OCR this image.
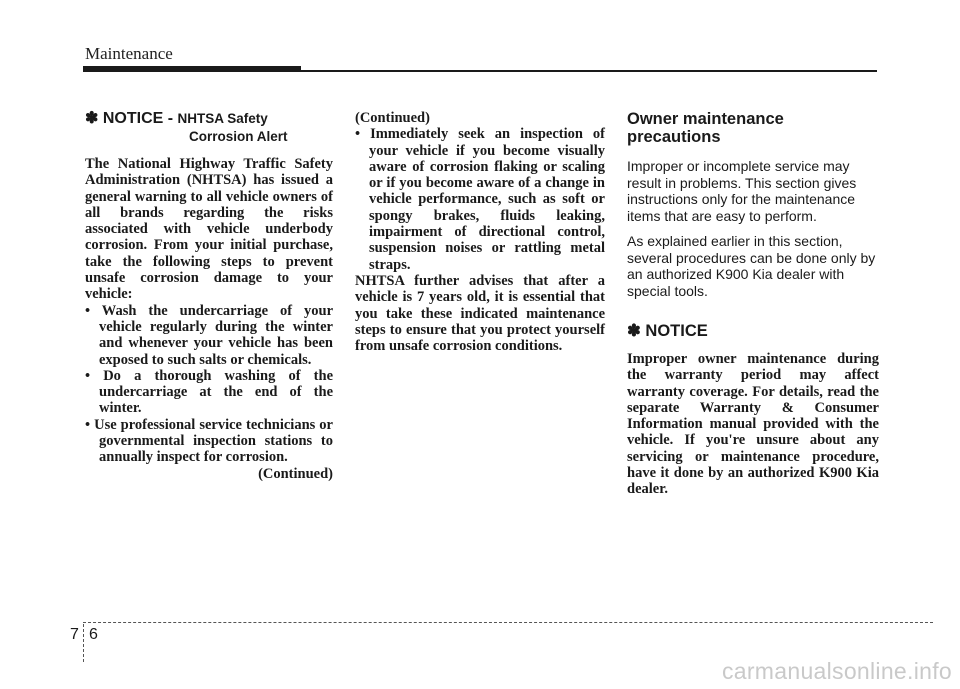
Maintenance
✽ NOTICE - NHTSA Safety
Corrosion Alert

The National Highway Traffic Safety Administration (NHTSA) has issued a general warning to all vehicle owners of all brands regarding the risks associated with vehicle underbody corrosion. From your initial purchase, take the following steps to prevent unsafe corrosion damage to your vehicle:

• Wash the undercarriage of your vehicle regularly during the winter and whenever your vehicle has been exposed to such salts or chemicals.
• Do a thorough washing of the undercarriage at the end of the winter.
• Use professional service technicians or governmental inspection stations to annually inspect for corrosion.

(Continued)

(Continued)

• Immediately seek an inspection of your vehicle if you become visually aware of corrosion flaking or scaling or if you become aware of a change in vehicle performance, such as soft or spongy brakes, fluids leaking, impairment of directional control, suspension noises or rattling metal straps.

NHTSA further advises that after a vehicle is 7 years old, it is essential that you take these indicated maintenance steps to ensure that you protect yourself from unsafe corrosion conditions.

Owner maintenance precautions

Improper or incomplete service may result in problems. This section gives instructions only for the maintenance items that are easy to perform.

As explained earlier in this section, several procedures can be done only by an authorized K900 Kia dealer with special tools.

✽ NOTICE

Improper owner maintenance during the warranty period may affect warranty coverage. For details, read the separate Warranty & Consumer Information manual provided with the vehicle. If you're unsure about any servicing or maintenance procedure, have it done by an authorized K900 Kia dealer.

7 6
carmanualsonline.info
